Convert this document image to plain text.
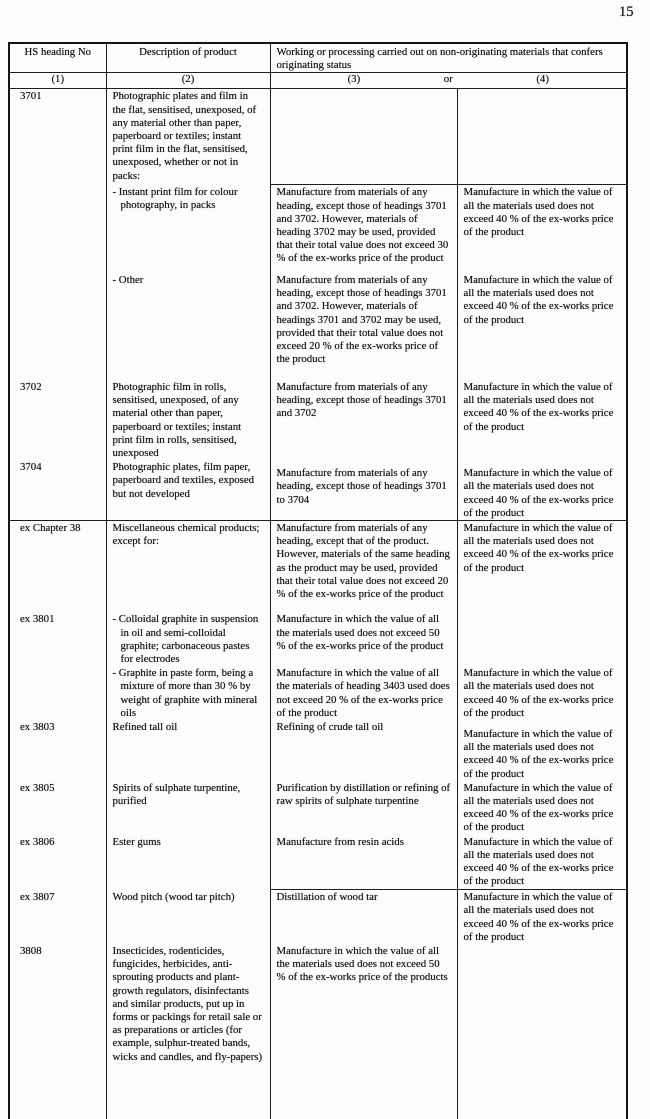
15
HS heading No	Description of product	Working or processing carried out on non-originating materials that confers originating status	
(1)	(2)	(3) or (4)	

3701	Photographic plates and film in the flat, sensitised, unexposed, of any material other than paper, paperboard or textiles; instant print film in the flat, sensitised, unexposed, whether or not in packs:		
	- Instant print film for colour photography, in packs	Manufacture from materials of any heading, except those of headings 3701 and 3702. However, materials of heading 3702 may be used, provided that their total value does not exceed 30 % of the ex-works price of the product	Manufacture in which the value of all the materials used does not exceed 40 % of the ex-works price of the product
	- Other	Manufacture from materials of any heading, except those of headings 3701 and 3702. However, materials of headings 3701 and 3702 may be used, provided that their total value does not exceed 20 % of the ex-works price of the product	Manufacture in which the value of all the materials used does not exceed 40 % of the ex-works price of the product
3702	Photographic film in rolls, sensitised, unexposed, of any material other than paper, paperboard or textiles; instant print film in rolls, sensitised, unexposed	Manufacture from materials of any heading, except those of headings 3701 and 3702	Manufacture in which the value of all the materials used does not exceed 40 % of the ex-works price of the product
3704	Photographic plates, film paper, paperboard and textiles, exposed but not developed	Manufacture from materials of any heading, except those of headings 3701 to 3704	Manufacture in which the value of all the materials used does not exceed 40 % of the ex-works price of the product
ex Chapter 38	Miscellaneous chemical products; except for:	Manufacture from materials of any heading, except that of the product. However, materials of the same heading as the product may be used, provided that their total value does not exceed 20 % of the ex-works price of the product	Manufacture in which the value of all the materials used does not exceed 40 % of the ex-works price of the product
ex 3801	- Colloidal graphite in suspension in oil and semi-colloidal graphite; carbonaceous pastes for electrodes	Manufacture in which the value of all the materials used does not exceed 50 % of the ex-works price of the product	
	- Graphite in paste form, being a mixture of more than 30 % by weight of graphite with mineral oils	Manufacture in which the value of all the materials of heading 3403 used does not exceed 20 % of the ex-works price of the product	Manufacture in which the value of all the materials used does not exceed 40 % of the ex-works price of the product
ex 3803	Refined tall oil	Refining of crude tall oil	Manufacture in which the value of all the materials used does not exceed 40 % of the ex-works price of the product
ex 3805	Spirits of sulphate turpentine, purified	Purification by distillation or refining of raw spirits of sulphate turpentine	Manufacture in which the value of all the materials used does not exceed 40 % of the ex-works price of the product
ex 3806	Ester gums	Manufacture from resin acids	Manufacture in which the value of all the materials used does not exceed 40 % of the ex-works price of the product
ex 3807	Wood pitch (wood tar pitch)	Distillation of wood tar	Manufacture in which the value of all the materials used does not exceed 40 % of the ex-works price of the product
3808	Insecticides, rodenticides, fungicides, herbicides, anti-sprouting products and plant-growth regulators, disinfectants and similar products, put up in forms or packings for retail sale or as preparations or articles (for example, sulphur-treated bands, wicks and candles, and fly-papers)	Manufacture in which the value of all the materials used does not exceed 50 % of the ex-works price of the products	
